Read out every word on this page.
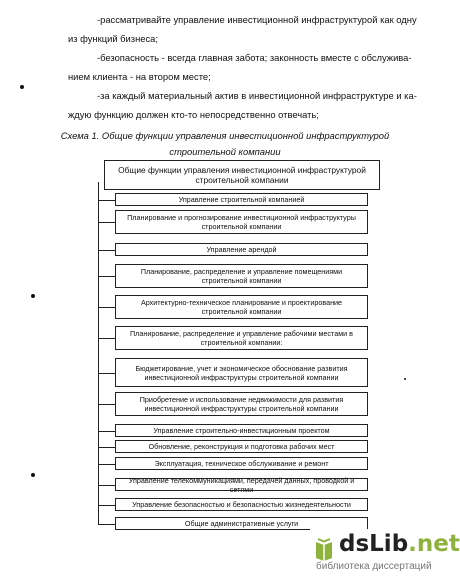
-рассматривайте управление инвестиционной инфраструктурой как одну
из функций бизнеса;
-безопасность - всегда главная забота; законность вместе с обслужива-
нием клиента - на втором месте;
-за каждый материальный актив в инвестиционной инфраструктуре и ка-
ждую функцию должен кто-то непосредственно отвечать;
Схема 1. Общие функции управления инвестиционной инфраструктурой
строительной компании
Общие функции управления инвестиционной инфраструктурой строительной компании
Управление строительной компанией
Планирование и прогнозирование инвестиционной инфраструктуры строительной компании
Управление арендой
Планирование, распределение и управление помещениями строительной компании
Архитектурно-техническое планирование и проектирование строительной компании
Планирование, распределение и управление рабочими местами в строительной компании:
Бюджетирование, учет и экономическое обоснование развития инвестиционной инфраструктуры строительной компании
Приобретение и использование недвижимости для развития инвестиционной инфраструктуры строительной компании
Управление строительно-инвестиционным проектом
Обновление, реконструкция и подготовка рабочих мест
Эксплуатация, техническое обслуживание и ремонт
Управление телекоммуникациями, передачей данных, проводкой и сетями
Управление безопасностью и безопасностью жизнедеятельности
Общие административные услуги
dsLib.net
библиотека диссертаций
